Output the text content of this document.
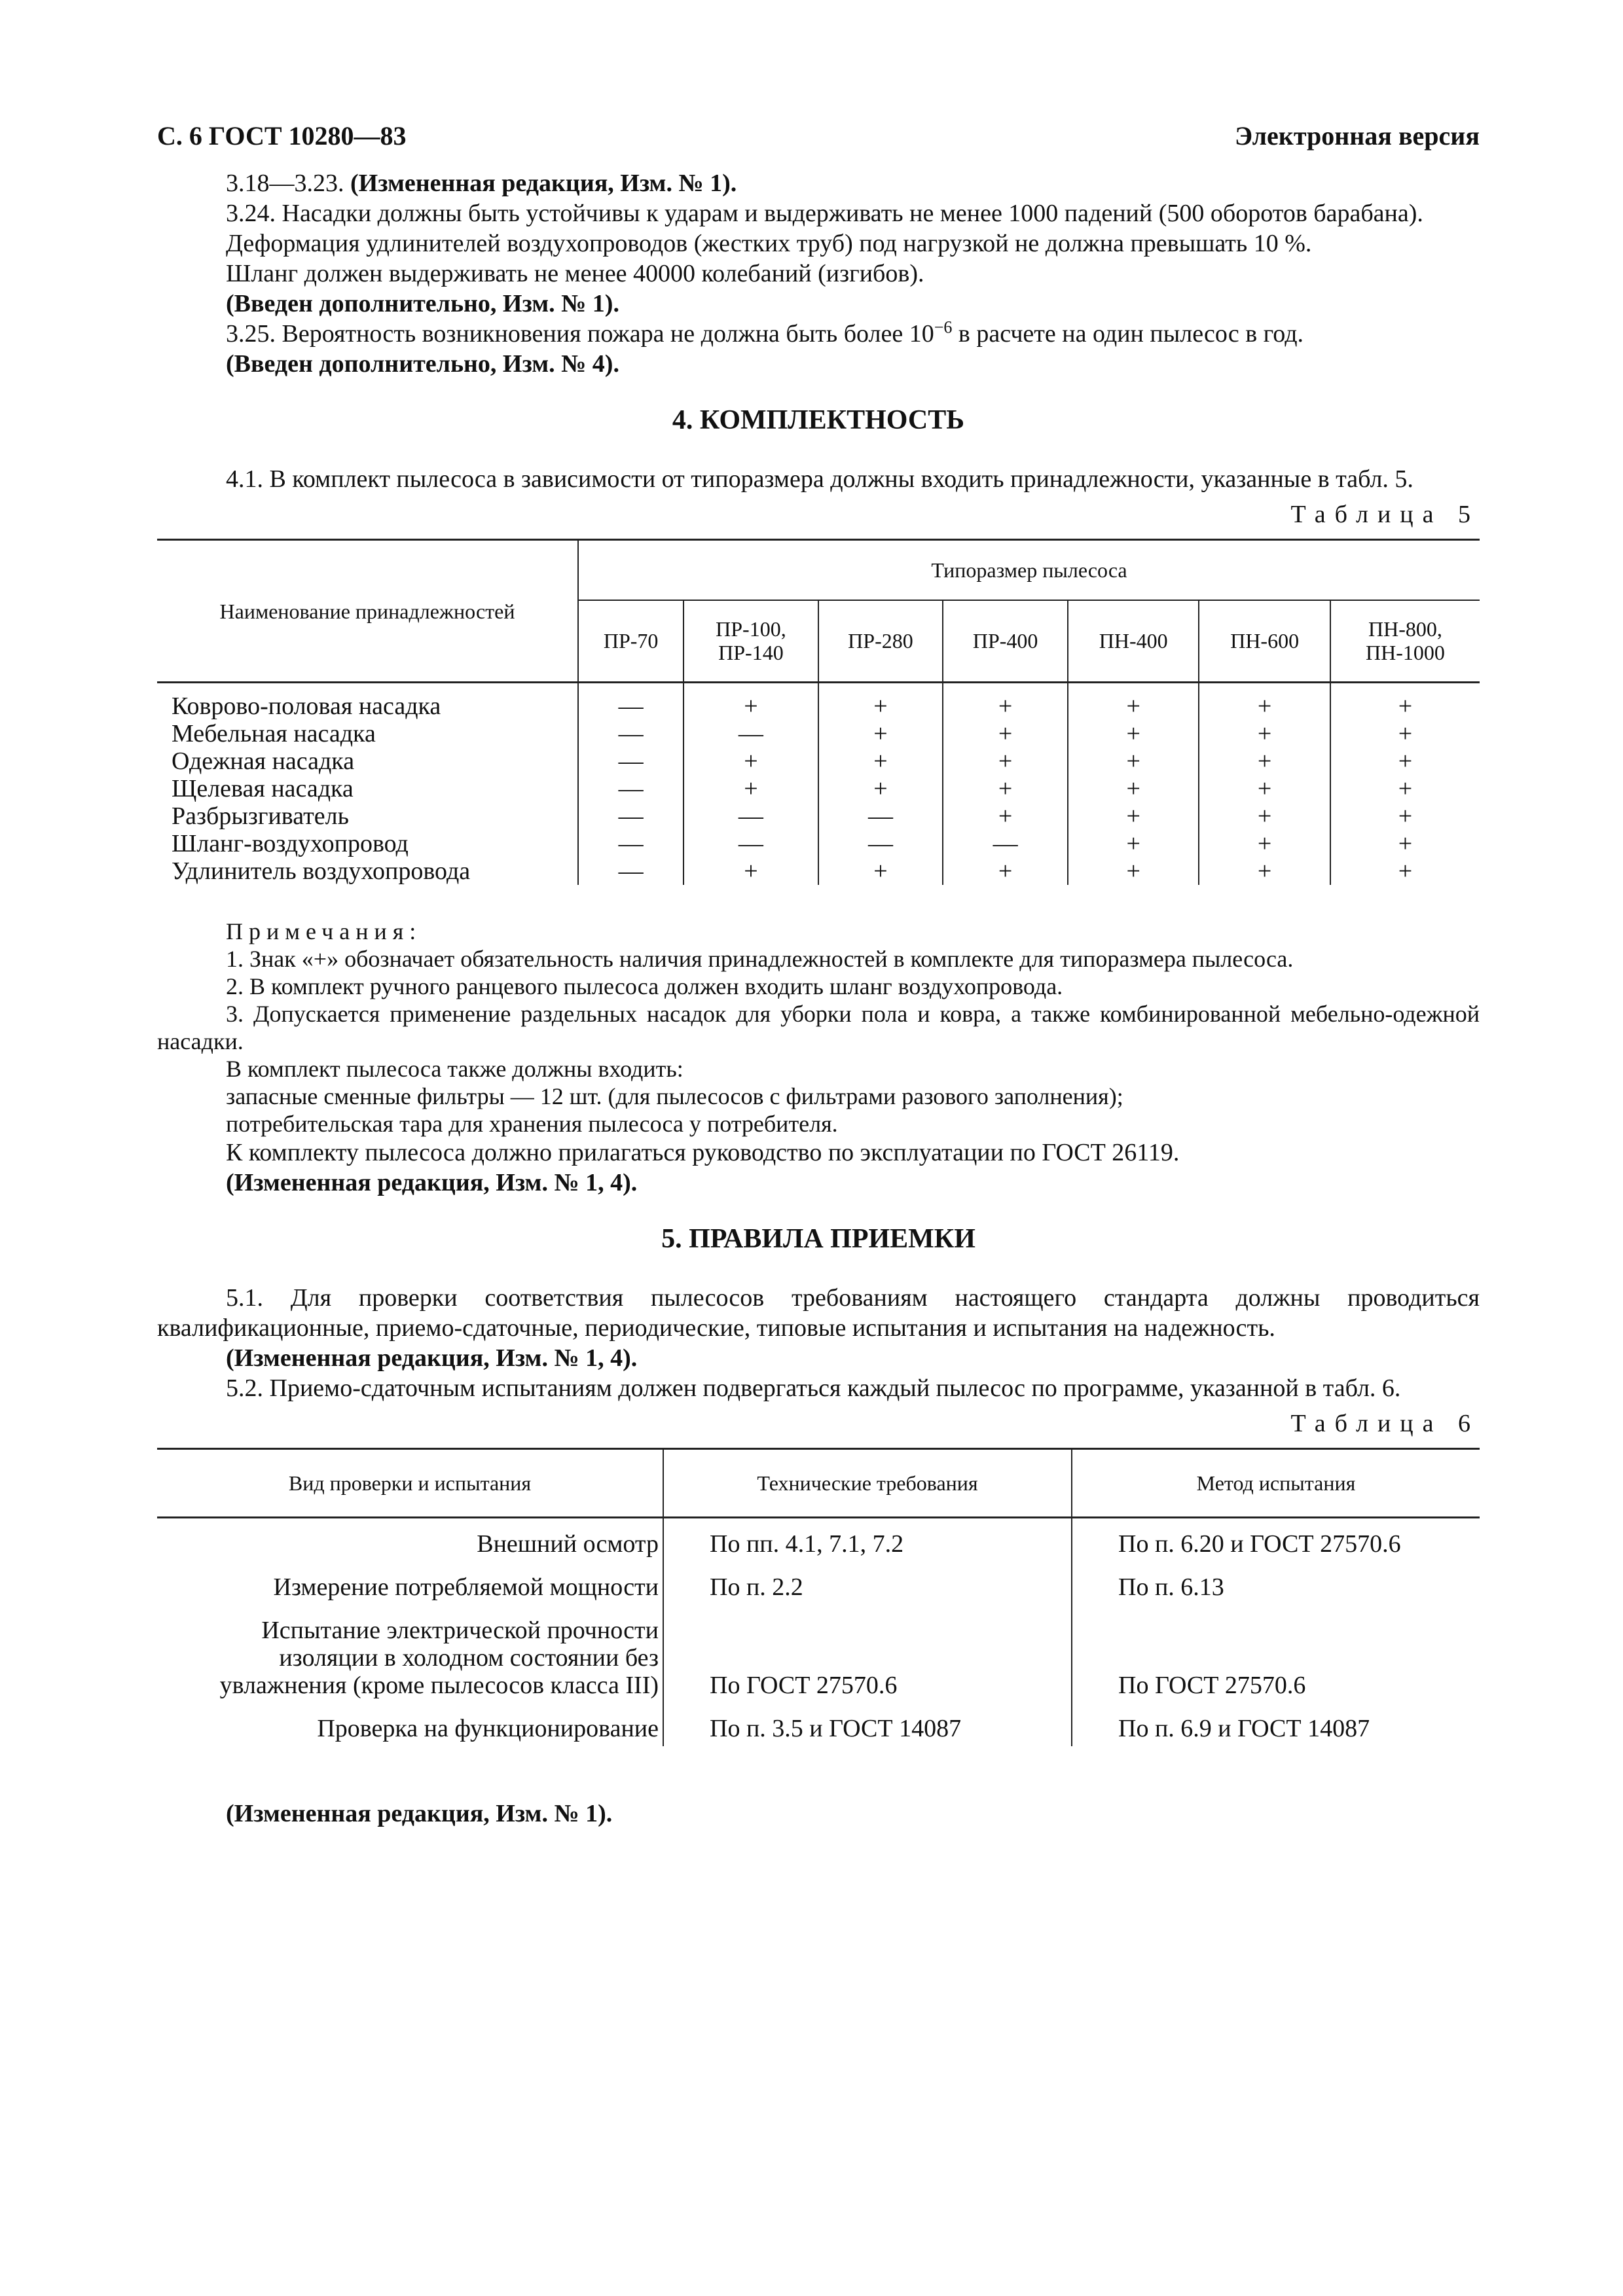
С. 6 ГОСТ 10280—83	Электронная версия

3.18—3.23. (Измененная редакция, Изм. № 1).

3.24. Насадки должны быть устойчивы к ударам и выдерживать не менее 1000 падений (500 оборотов барабана).

Деформация удлинителей воздухопроводов (жестких труб) под нагрузкой не должна превышать 10 %.

Шланг должен выдерживать не менее 40000 колебаний (изгибов).

(Введен дополнительно, Изм. № 1).

3.25. Вероятность возникновения пожара не должна быть более $10^{-6}$ в расчете на один пылесос в год.

(Введен дополнительно, Изм. № 4).

4. КОМПЛЕКТНОСТЬ

4.1. В комплект пылесоса в зависимости от типоразмера должны входить принадлежности, указанные в табл. 5.

Таблица 5
Наименование принадлежностей	Типоразмер пылесоса						
	ПР-70	ПР-100,
ПР-140	ПР-280	ПР-400	ПН-400	ПН-600	ПН-800,
ПН-1000
Коврово-половая насадка	—	+	+	+	+	+	+
Мебельная насадка	—	—	+	+	+	+	+
Одежная насадка	—	+	+	+	+	+	+
Щелевая насадка	—	+	+	+	+	+	+
Разбрызгиватель	—	—	—	+	+	+	+
Шланг-воздухопровод	—	—	—	—	+	+	+
Удлинитель воздухопровода	—	+	+	+	+	+	+

Примечания:

1. Знак «+» обозначает обязательность наличия принадлежностей в комплекте для типоразмера пылесоса.

2. В комплект ручного ранцевого пылесоса должен входить шланг воздухопровода.

3. Допускается применение раздельных насадок для уборки пола и ковра, а также комбинированной мебельно-одежной насадки.

В комплект пылесоса также должны входить:

запасные сменные фильтры — 12 шт. (для пылесосов с фильтрами разового заполнения);

потребительская тара для хранения пылесоса у потребителя.

К комплекту пылесоса должно прилагаться руководство по эксплуатации по ГОСТ 26119.

(Измененная редакция, Изм. № 1, 4).

5. ПРАВИЛА ПРИЕМКИ

5.1. Для проверки соответствия пылесосов требованиям настоящего стандарта должны проводиться квалификационные, приемо-сдаточные, периодические, типовые испытания и испытания на надежность.

(Измененная редакция, Изм. № 1, 4).

5.2. Приемо-сдаточным испытаниям должен подвергаться каждый пылесос по программе, указанной в табл. 6.

Таблица 6
Вид проверки и испытания	Технические требования	Метод испытания
Внешний осмотр	По пп. 4.1, 7.1, 7.2	По п. 6.20 и ГОСТ 27570.6
Измерение потребляемой мощности	По п. 2.2	По п. 6.13
Испытание электрической прочности изоляции в холодном состоянии без увлажнения (кроме пылесосов класса III)	По ГОСТ 27570.6	По ГОСТ 27570.6
Проверка на функционирование	По п. 3.5 и ГОСТ 14087	По п. 6.9 и ГОСТ 14087

(Измененная редакция, Изм. № 1).
